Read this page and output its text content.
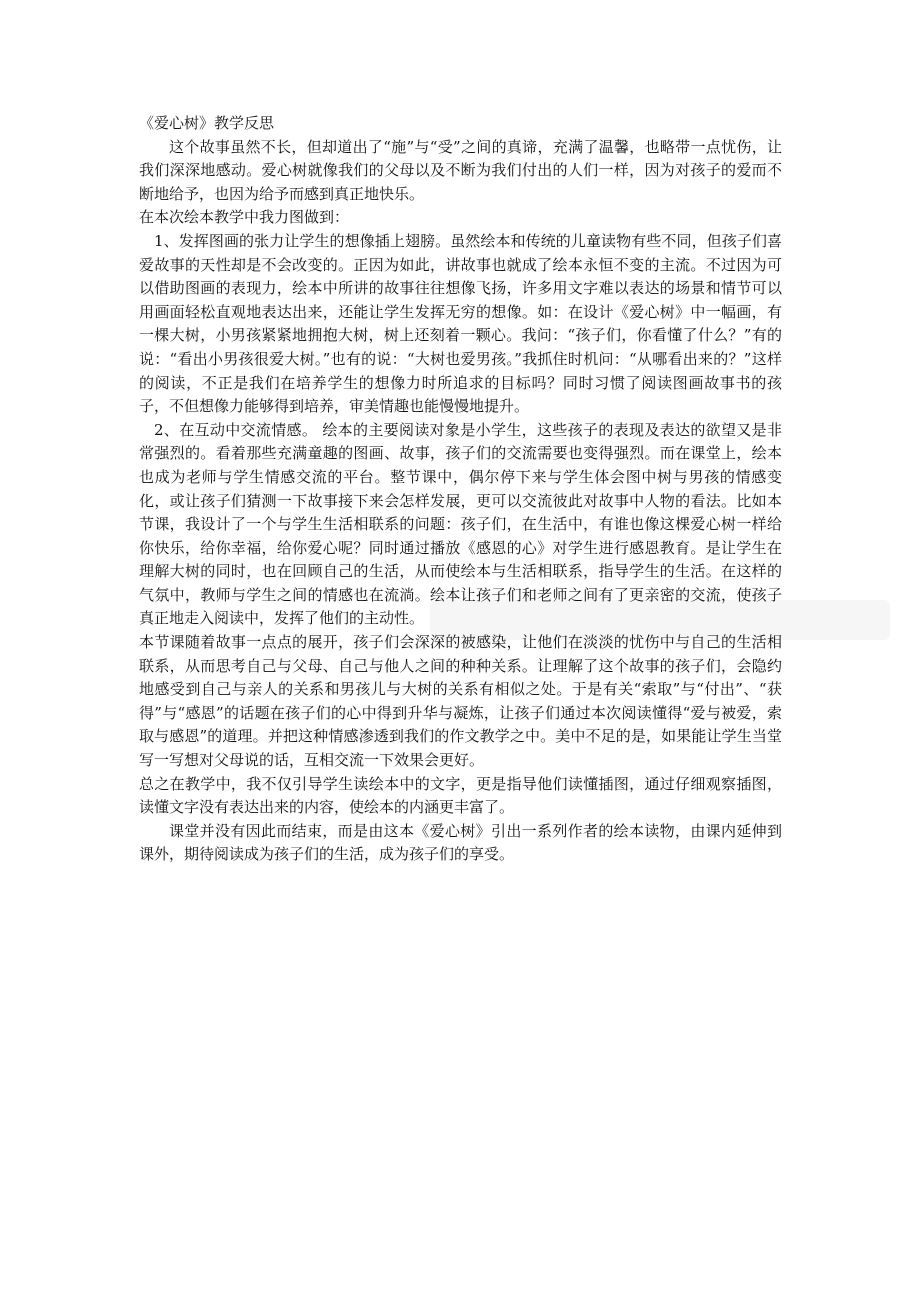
《爱心树》教学反思

这个故事虽然不长，但却道出了“施”与“受”之间的真谛，充满了温馨，也略带一点忧伤，让我们深深地感动。爱心树就像我们的父母以及不断为我们付出的人们一样，因为对孩子的爱而不断地给予，也因为给予而感到真正地快乐。

在本次绘本教学中我力图做到：

1、发挥图画的张力让学生的想像插上翅膀。虽然绘本和传统的儿童读物有些不同，但孩子们喜爱故事的天性却是不会改变的。正因为如此，讲故事也就成了绘本永恒不变的主流。不过因为可以借助图画的表现力，绘本中所讲的故事往往想像飞扬，许多用文字难以表达的场景和情节可以用画面轻松直观地表达出来，还能让学生发挥无穷的想像。如：在设计《爱心树》中一幅画，有一棵大树，小男孩紧紧地拥抱大树，树上还刻着一颗心。我问：“孩子们，你看懂了什么？”有的说：“看出小男孩很爱大树。”也有的说：“大树也爱男孩。”我抓住时机问：“从哪看出来的？”这样的阅读，不正是我们在培养学生的想像力时所追求的目标吗？同时习惯了阅读图画故事书的孩子，不但想像力能够得到培养，审美情趣也能慢慢地提升。

2、在互动中交流情感。 绘本的主要阅读对象是小学生，这些孩子的表现及表达的欲望又是非常强烈的。看着那些充满童趣的图画、故事，孩子们的交流需要也变得强烈。而在课堂上，绘本也成为老师与学生情感交流的平台。整节课中，偶尔停下来与学生体会图中树与男孩的情感变化，或让孩子们猜测一下故事接下来会怎样发展，更可以交流彼此对故事中人物的看法。比如本节课，我设计了一个与学生生活相联系的问题：孩子们，在生活中，有谁也像这棵爱心树一样给你快乐，给你幸福，给你爱心呢？同时通过播放《感恩的心》对学生进行感恩教育。是让学生在理解大树的同时，也在回顾自己的生活，从而使绘本与生活相联系，指导学生的生活。在这样的气氛中，教师与学生之间的情感也在流淌。绘本让孩子们和老师之间有了更亲密的交流，使孩子真正地走入阅读中，发挥了他们的主动性。

本节课随着故事一点点的展开，孩子们会深深的被感染，让他们在淡淡的忧伤中与自己的生活相联系，从而思考自己与父母、自己与他人之间的种种关系。让理解了这个故事的孩子们，会隐约地感受到自己与亲人的关系和男孩儿与大树的关系有相似之处。于是有关“索取”与“付出”、“获得”与“感恩”的话题在孩子们的心中得到升华与凝炼，让孩子们通过本次阅读懂得“爱与被爱，索取与感恩”的道理。并把这种情感渗透到我们的作文教学之中。美中不足的是，如果能让学生当堂写一写想对父母说的话，互相交流一下效果会更好。

总之在教学中，我不仅引导学生读绘本中的文字，更是指导他们读懂插图，通过仔细观察插图，读懂文字没有表达出来的内容，使绘本的内涵更丰富了。

课堂并没有因此而结束，而是由这本《爱心树》引出一系列作者的绘本读物，由课内延伸到课外，期待阅读成为孩子们的生活，成为孩子们的享受。
